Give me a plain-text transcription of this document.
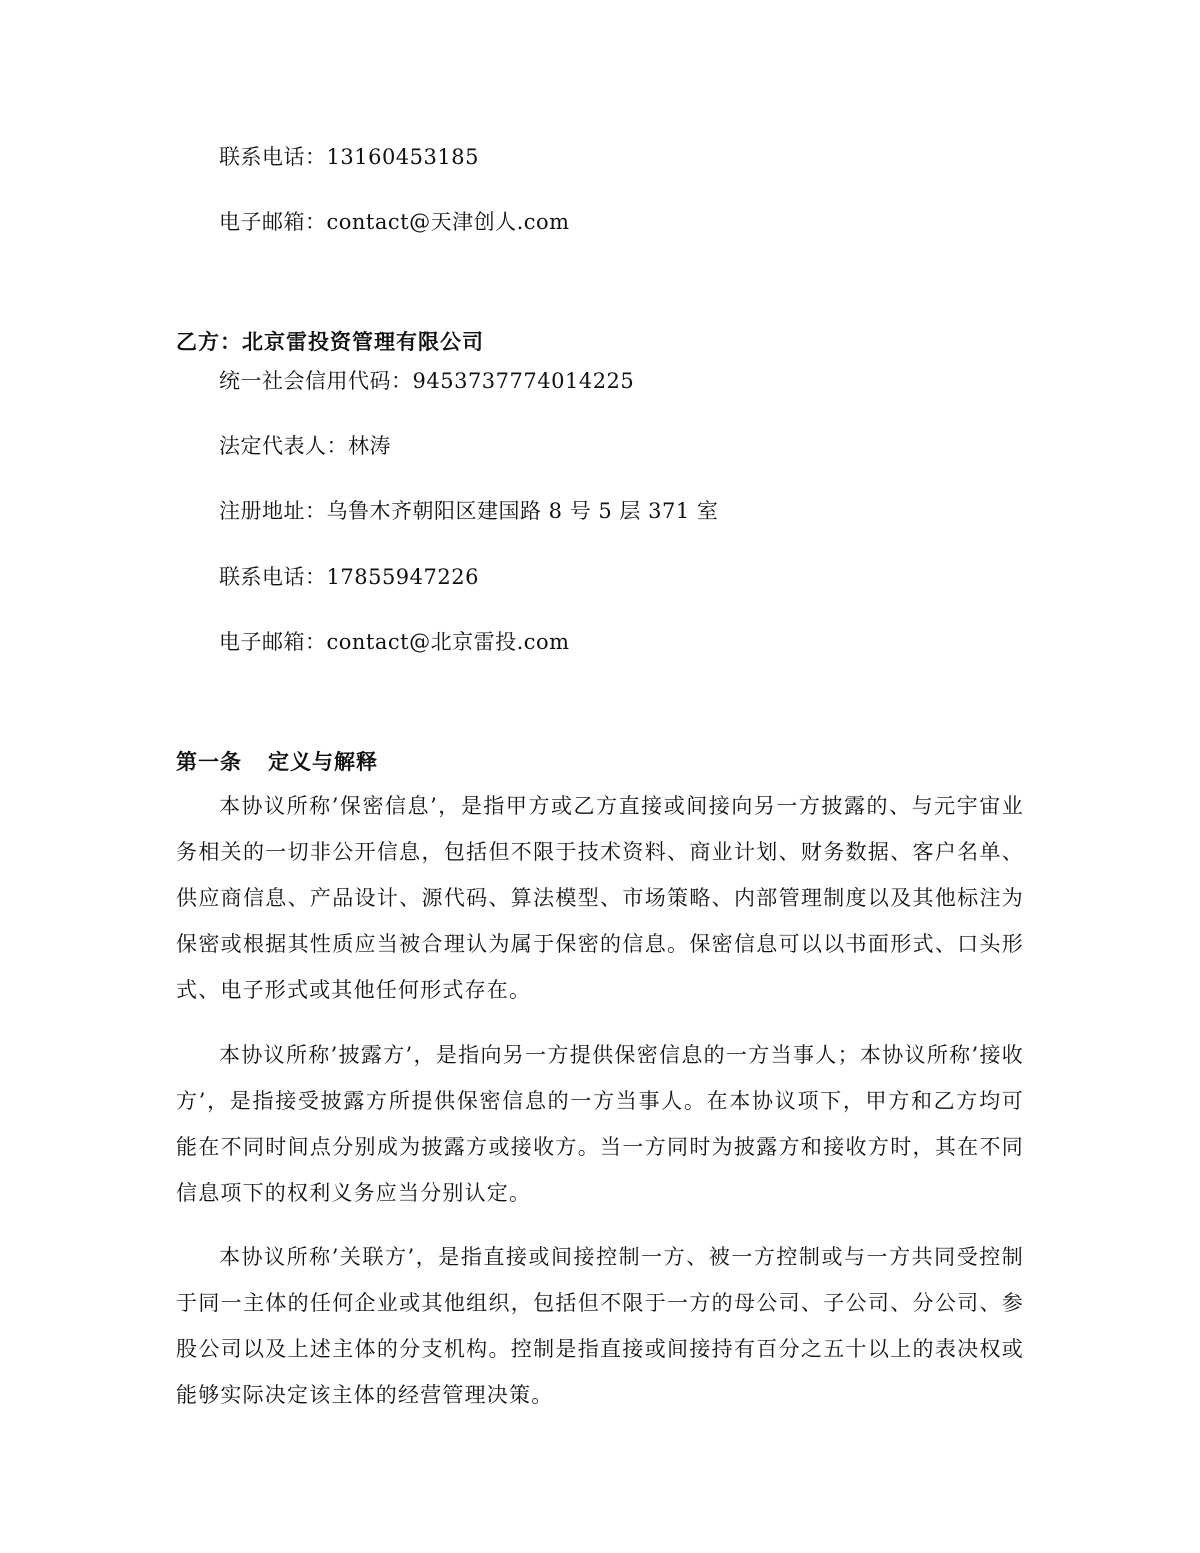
联系电话：13160453185
电子邮箱：contact@天津创人.com
乙方：北京雷投资管理有限公司
统一社会信用代码：9453737774014225
法定代表人：林涛
注册地址：乌鲁木齐朝阳区建国路 8 号 5 层 371 室
联系电话：17855947226
电子邮箱：contact@北京雷投.com
第一条 定义与解释
本协议所称’保密信息’，是指甲方或乙方直接或间接向另一方披露的、与元宇宙业务相关的一切非公开信息，包括但不限于技术资料、商业计划、财务数据、客户名单、供应商信息、产品设计、源代码、算法模型、市场策略、内部管理制度以及其他标注为保密或根据其性质应当被合理认为属于保密的信息。保密信息可以以书面形式、口头形式、电子形式或其他任何形式存在。
本协议所称’披露方’，是指向另一方提供保密信息的一方当事人；本协议所称’接收方’，是指接受披露方所提供保密信息的一方当事人。在本协议项下，甲方和乙方均可能在不同时间点分别成为披露方或接收方。当一方同时为披露方和接收方时，其在不同信息项下的权利义务应当分别认定。
本协议所称’关联方’，是指直接或间接控制一方、被一方控制或与一方共同受控制于同一主体的任何企业或其他组织，包括但不限于一方的母公司、子公司、分公司、参股公司以及上述主体的分支机构。控制是指直接或间接持有百分之五十以上的表决权或能够实际决定该主体的经营管理决策。
